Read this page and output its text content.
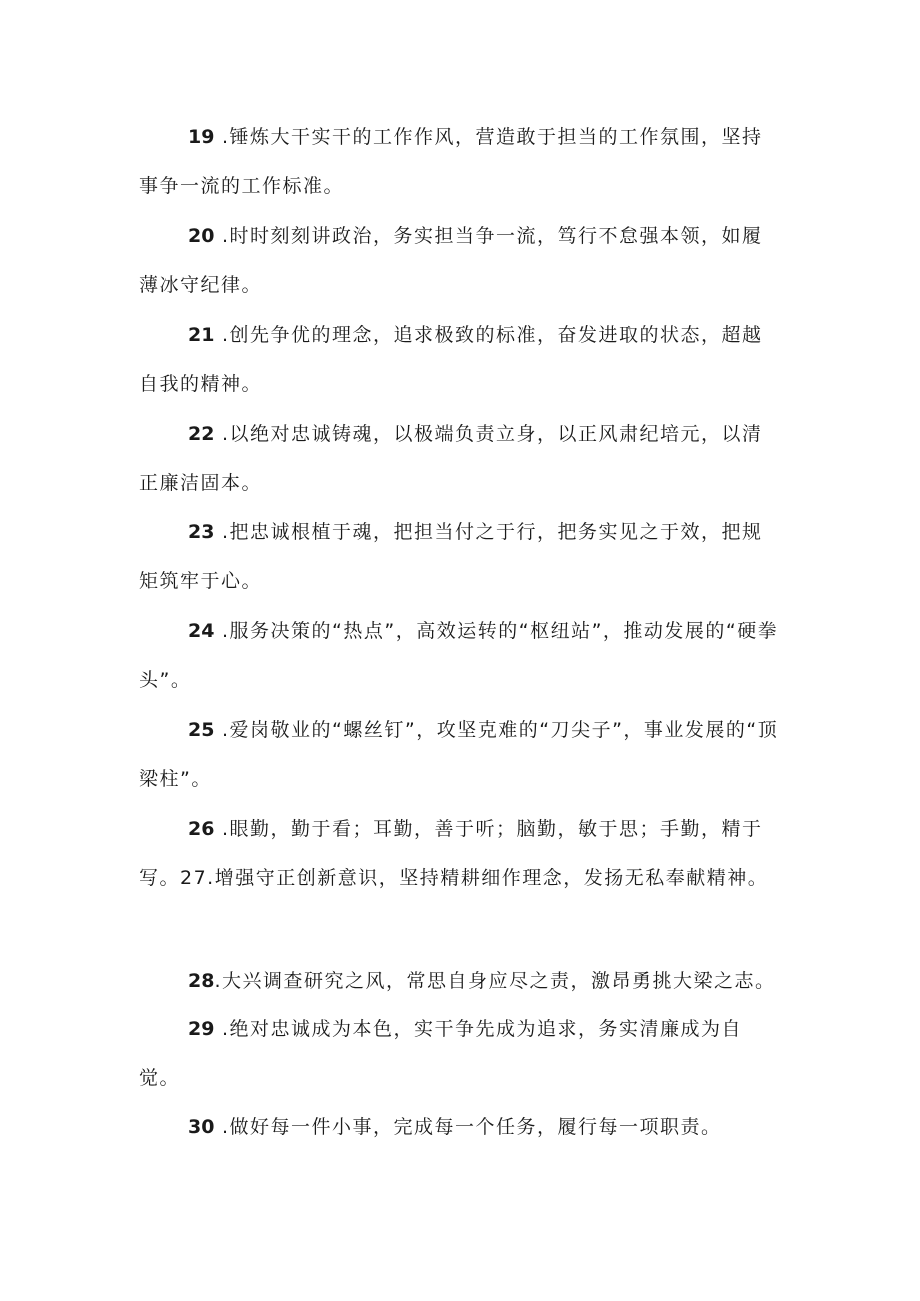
19 .锤炼大干实干的工作作风，营造敢于担当的工作氛围，坚持事争一流的工作标准。

20 .时时刻刻讲政治，务实担当争一流，笃行不怠强本领，如履薄冰守纪律。

21 .创先争优的理念，追求极致的标准，奋发进取的状态，超越自我的精神。

22 .以绝对忠诚铸魂，以极端负责立身，以正风肃纪培元，以清正廉洁固本。

23 .把忠诚根植于魂，把担当付之于行，把务实见之于效，把规矩筑牢于心。

24 .服务决策的“热点”，高效运转的“枢纽站”，推动发展的“硬拳头”。

25 .爱岗敬业的“螺丝钉”，攻坚克难的“刀尖子”，事业发展的“顶梁柱”。

26 .眼勤，勤于看；耳勤，善于听；脑勤，敏于思；手勤，精于写。27.增强守正创新意识，坚持精耕细作理念，发扬无私奉献精神。

28.大兴调查研究之风，常思自身应尽之责，激昂勇挑大梁之志。

29 .绝对忠诚成为本色，实干争先成为追求，务实清廉成为自觉。

30 .做好每一件小事，完成每一个任务，履行每一项职责。
